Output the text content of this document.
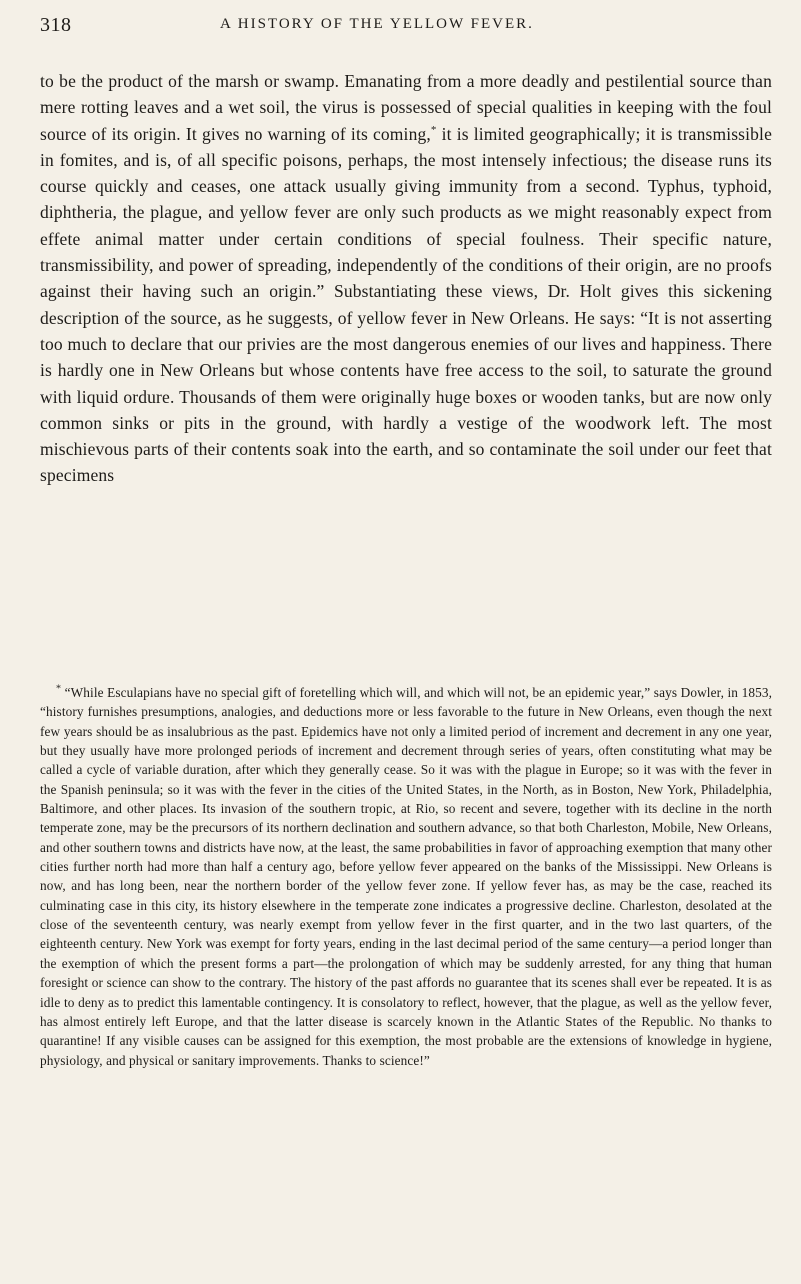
318	A HISTORY OF THE YELLOW FEVER.

to be the product of the marsh or swamp. Emanating from a more deadly and pestilential source than mere rotting leaves and a wet soil, the virus is possessed of special qualities in keeping with the foul source of its origin. It gives no warning of its coming,* it is limited geographically; it is transmissible in fomites, and is, of all specific poisons, perhaps, the most intensely infectious; the disease runs its course quickly and ceases, one attack usually giving immunity from a second. Typhus, typhoid, diphtheria, the plague, and yellow fever are only such products as we might reasonably expect from effete animal matter under certain conditions of special foulness. Their specific nature, transmissibility, and power of spreading, independently of the conditions of their origin, are no proofs against their having such an origin.” Substantiating these views, Dr. Holt gives this sickening description of the source, as he suggests, of yellow fever in New Orleans. He says: “It is not asserting too much to declare that our privies are the most dangerous enemies of our lives and happiness. There is hardly one in New Orleans but whose contents have free access to the soil, to saturate the ground with liquid ordure. Thousands of them were originally huge boxes or wooden tanks, but are now only common sinks or pits in the ground, with hardly a vestige of the woodwork left. The most mischievous parts of their contents soak into the earth, and so contaminate the soil under our feet that specimens

* “While Esculapians have no special gift of foretelling which will, and which will not, be an epidemic year,” says Dowler, in 1853, “history furnishes presumptions, analogies, and deductions more or less favorable to the future in New Orleans, even though the next few years should be as insalubrious as the past. Epidemics have not only a limited period of increment and decrement in any one year, but they usually have more prolonged periods of increment and decrement through series of years, often constituting what may be called a cycle of variable duration, after which they generally cease. So it was with the plague in Europe; so it was with the fever in the Spanish peninsula; so it was with the fever in the cities of the United States, in the North, as in Boston, New York, Philadelphia, Baltimore, and other places. Its invasion of the southern tropic, at Rio, so recent and severe, together with its decline in the north temperate zone, may be the precursors of its northern declination and southern advance, so that both Charleston, Mobile, New Orleans, and other southern towns and districts have now, at the least, the same probabilities in favor of approaching exemption that many other cities further north had more than half a century ago, before yellow fever appeared on the banks of the Mississippi. New Orleans is now, and has long been, near the northern border of the yellow fever zone. If yellow fever has, as may be the case, reached its culminating case in this city, its history elsewhere in the temperate zone indicates a progressive decline. Charleston, desolated at the close of the seventeenth century, was nearly exempt from yellow fever in the first quarter, and in the two last quarters, of the eighteenth century. New York was exempt for forty years, ending in the last decimal period of the same century—a period longer than the exemption of which the present forms a part—the prolongation of which may be suddenly arrested, for any thing that human foresight or science can show to the contrary. The history of the past affords no guarantee that its scenes shall ever be repeated. It is as idle to deny as to predict this lamentable contingency. It is consolatory to reflect, however, that the plague, as well as the yellow fever, has almost entirely left Europe, and that the latter disease is scarcely known in the Atlantic States of the Republic. No thanks to quarantine! If any visible causes can be assigned for this exemption, the most probable are the extensions of knowledge in hygiene, physiology, and physical or sanitary improvements. Thanks to science!”
